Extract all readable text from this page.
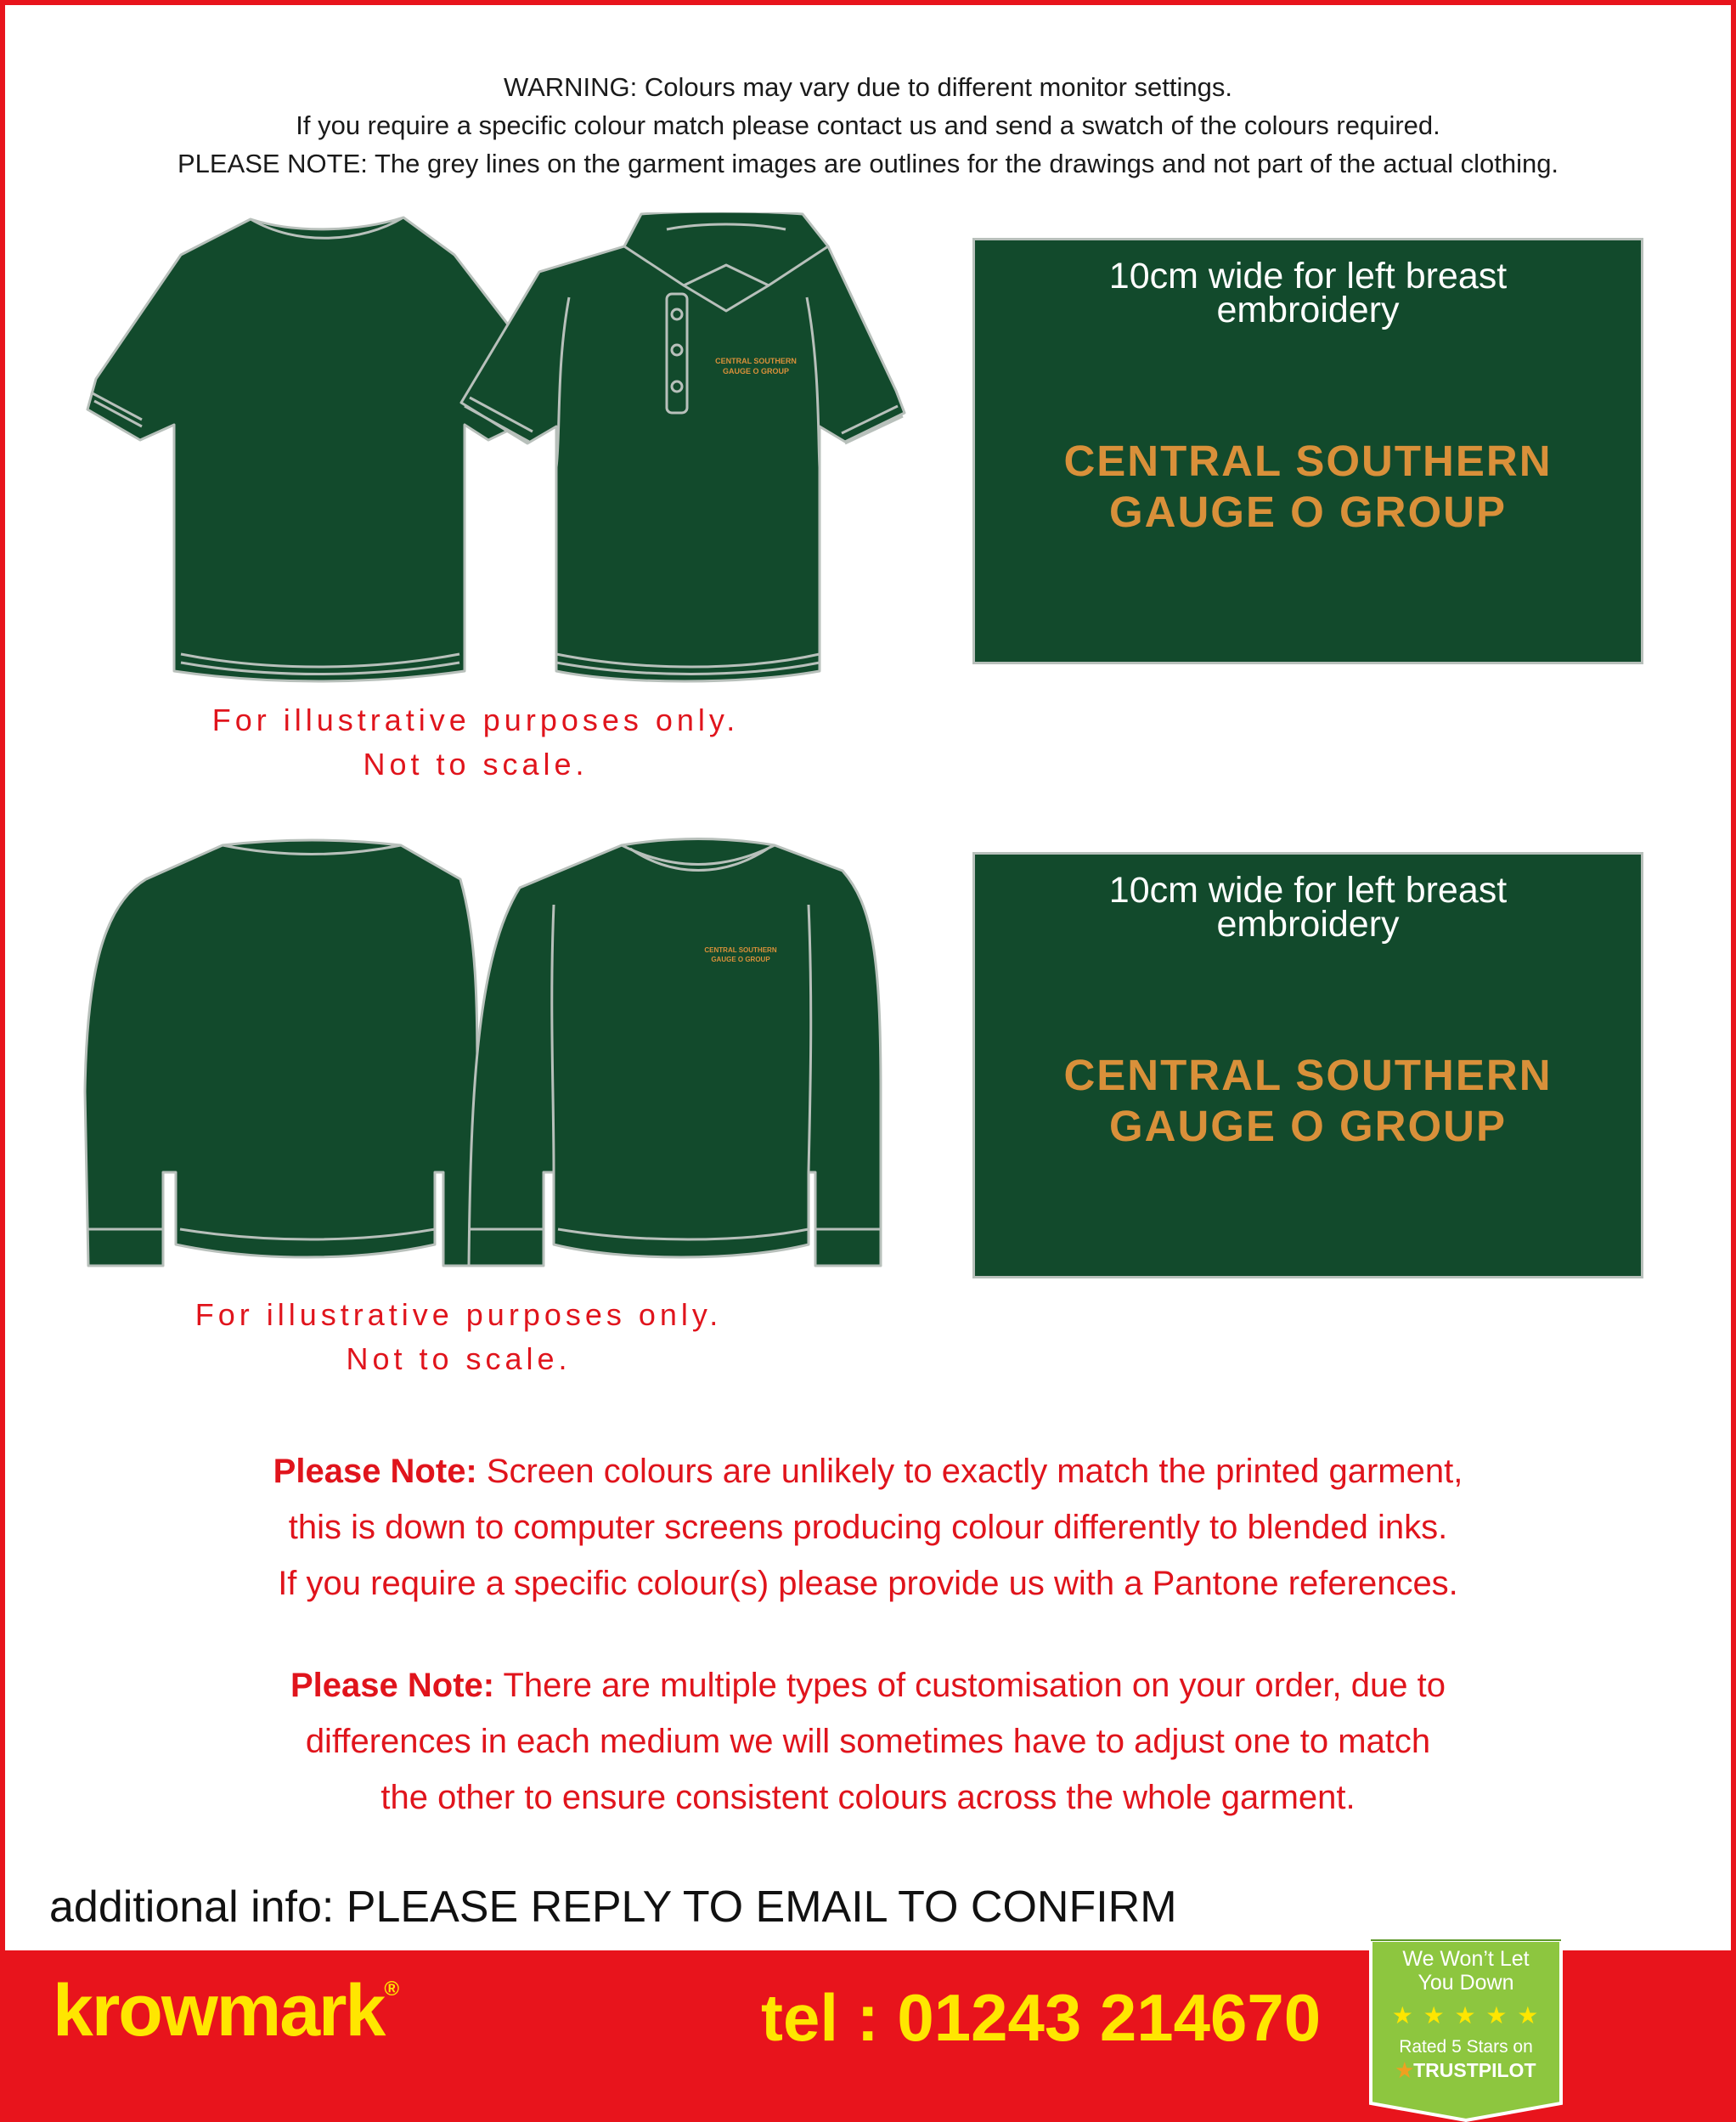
WARNING: Colours may vary due to different monitor settings.
If you require a specific colour match please contact us and send a swatch of the colours required.
PLEASE NOTE: The grey lines on the garment images are outlines for the drawings and not part of the actual clothing.
CENTRAL SOUTHERN
GAUGE O GROUP
For illustrative purposes only.
Not to scale.
10cm wide for left breast
embroidery
CENTRAL SOUTHERN
GAUGE O GROUP
CENTRAL SOUTHERN
GAUGE O GROUP
For illustrative purposes only.
Not to scale.
10cm wide for left breast
embroidery
CENTRAL SOUTHERN
GAUGE O GROUP
Please Note: Screen colours are unlikely to exactly match the printed garment,
this is down to computer screens producing colour differently to blended inks.
If you require a specific colour(s) please provide us with a Pantone references.
Please Note: There are multiple types of customisation on your order, due to
differences in each medium we will sometimes have to adjust one to match
the other to ensure consistent colours across the whole garment.
additional info: PLEASE REPLY TO EMAIL TO CONFIRM
krowmark®	tel : 01243 214670
We Won’t Let
You Down
★ ★ ★ ★ ★
Rated 5 Stars on
★TRUSTPILOT
